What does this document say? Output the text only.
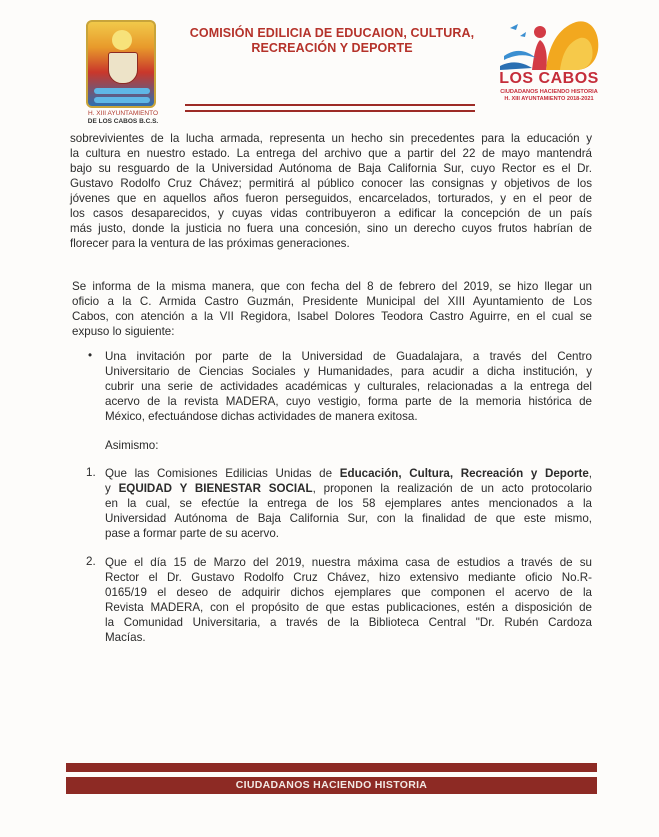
H. XIII AYUNTAMIENTO
DE LOS CABOS B.C.S.
COMISIÓN EDILICIA DE EDUCAION, CULTURA,
RECREACIÓN Y DEPORTE
LOS CABOS
CIUDADANOS HACIENDO HISTORIA
H. XIII AYUNTAMIENTO 2018-2021
sobrevivientes de la lucha armada, representa un hecho sin precedentes para la educación y
la cultura en nuestro estado. La entrega del archivo que a partir del 22 de mayo mantendrá
bajo su resguardo de la Universidad Autónoma de Baja California Sur, cuyo Rector es el Dr.
Gustavo Rodolfo Cruz Chávez; permitirá al público conocer las consignas y objetivos de los
jóvenes que en aquellos años fueron perseguidos, encarcelados, torturados, y en el peor de
los casos desaparecidos, y cuyas vidas contribuyeron a edificar la concepción de un país
más justo, donde la justicia no fuera una concesión, sino un derecho cuyos frutos habrían de
florecer para la ventura de las próximas generaciones.
Se informa de la misma manera, que con fecha del 8 de febrero del 2019, se hizo llegar un
oficio a la C. Armida Castro Guzmán, Presidente Municipal del XIII Ayuntamiento de Los
Cabos, con atención a la VII Regidora, Isabel Dolores Teodora Castro Aguirre, en el cual se
expuso lo siguiente:
• Una invitación por parte de la Universidad de Guadalajara, a través del Centro
Universitario de Ciencias Sociales y Humanidades, para acudir a dicha institución, y
cubrir una serie de actividades académicas y culturales, relacionadas a la entrega del
acervo de la revista MADERA, cuyo vestigio, forma parte de la memoria histórica de
México, efectuándose dichas actividades de manera exitosa.
Asimismo:
1. Que las Comisiones Edilicias Unidas de Educación, Cultura, Recreación y Deporte,
y EQUIDAD Y BIENESTAR SOCIAL, proponen la realización de un acto protocolario
en la cual, se efectúe la entrega de los 58 ejemplares antes mencionados a la
Universidad Autónoma de Baja California Sur, con la finalidad de que este mismo,
pase a formar parte de su acervo.
2. Que el día 15 de Marzo del 2019, nuestra máxima casa de estudios a través de su
Rector el Dr. Gustavo Rodolfo Cruz Chávez, hizo extensivo mediante oficio No.R-
0165/19 el deseo de adquirir dichos ejemplares que componen el acervo de la
Revista MADERA, con el propósito de que estas publicaciones, estén a disposición de
la Comunidad Universitaria, a través de la Biblioteca Central "Dr. Rubén Cardoza
Macías.
CIUDADANOS HACIENDO HISTORIA
